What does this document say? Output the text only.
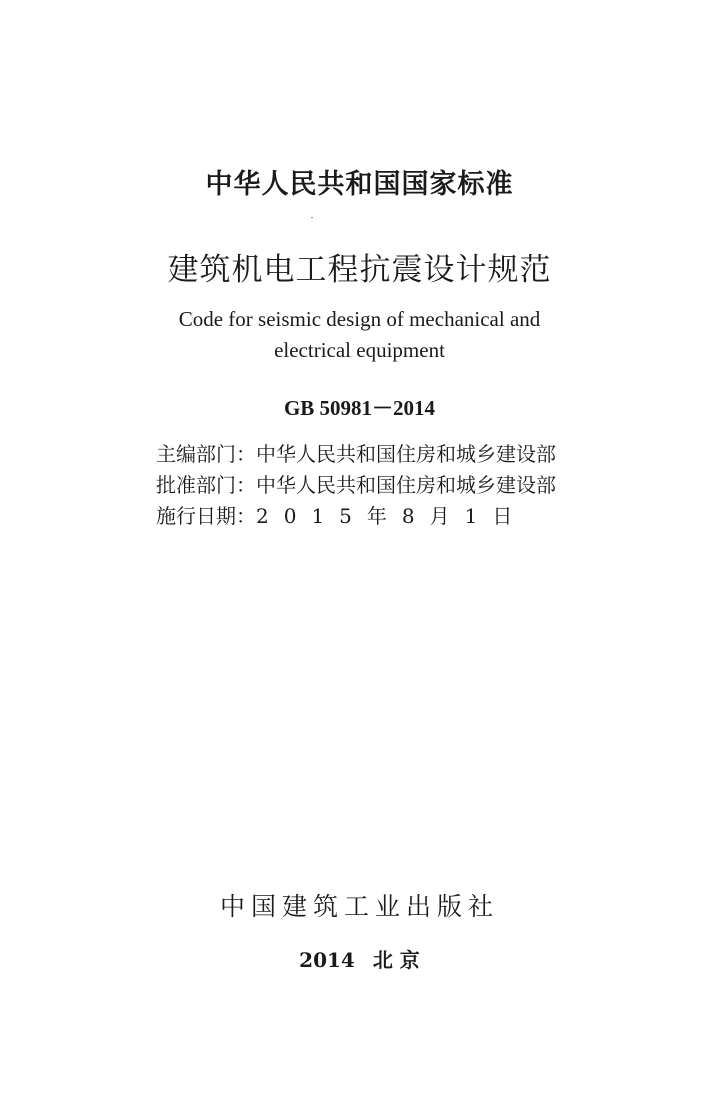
中华人民共和国国家标准
建筑机电工程抗震设计规范
Code for seismic design of mechanical and
electrical equipment
GB 50981－2014
主编部门：中华人民共和国住房和城乡建设部
批准部门：中华人民共和国住房和城乡建设部
施行日期：2015年8月1日
中国建筑工业出版社
2014 北 京
